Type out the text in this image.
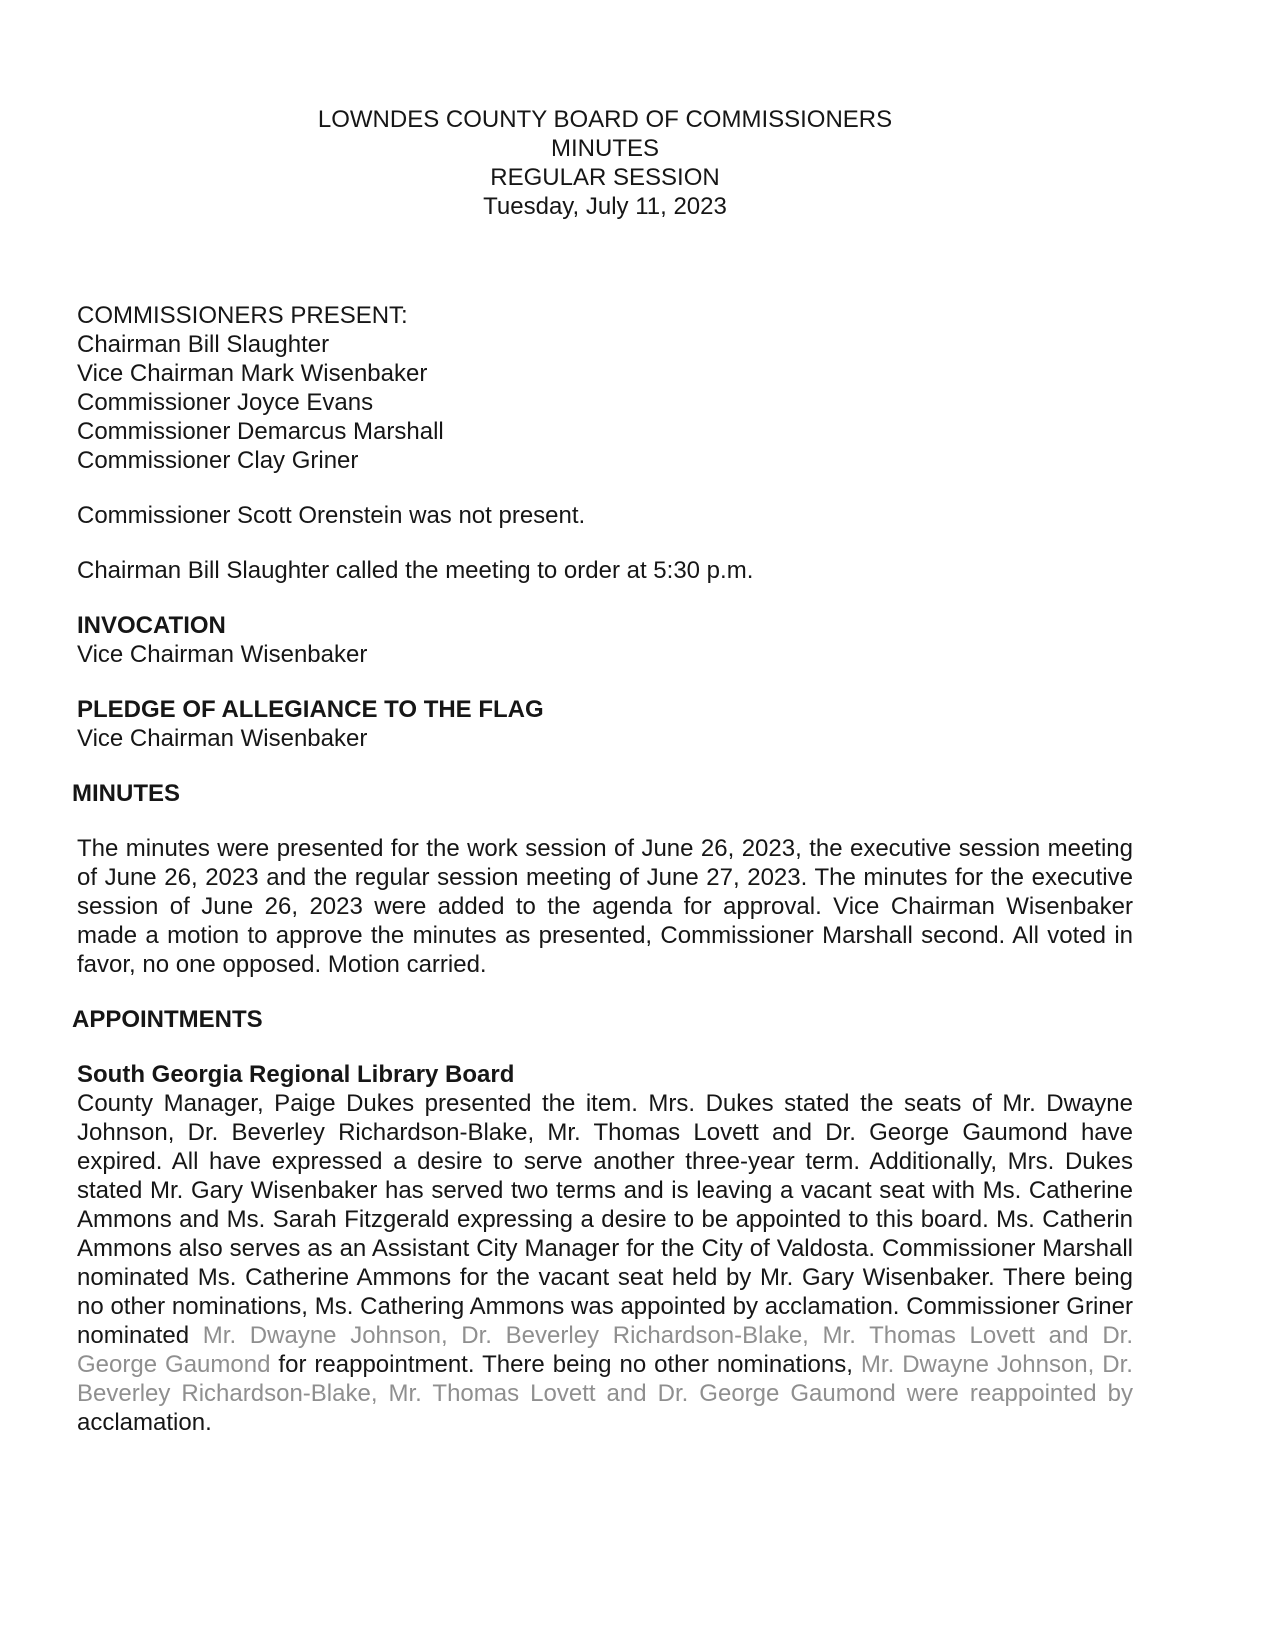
LOWNDES COUNTY BOARD OF COMMISSIONERS
MINUTES
REGULAR SESSION
Tuesday, July 11, 2023
COMMISSIONERS PRESENT:
Chairman Bill Slaughter
Vice Chairman Mark Wisenbaker
Commissioner Joyce Evans
Commissioner Demarcus Marshall
Commissioner Clay Griner

Commissioner Scott Orenstein was not present.

Chairman Bill Slaughter called the meeting to order at 5:30 p.m.

INVOCATION
Vice Chairman Wisenbaker
PLEDGE OF ALLEGIANCE TO THE FLAG
Vice Chairman Wisenbaker
MINUTES

The minutes were presented for the work session of June 26, 2023, the executive session meeting of June 26, 2023 and the regular session meeting of June 27, 2023. The minutes for the executive session of June 26, 2023 were added to the agenda for approval. Vice Chairman Wisenbaker made a motion to approve the minutes as presented, Commissioner Marshall second. All voted in favor, no one opposed. Motion carried.

APPOINTMENTS
South Georgia Regional Library Board

County Manager, Paige Dukes presented the item. Mrs. Dukes stated the seats of Mr. Dwayne Johnson, Dr. Beverley Richardson-Blake, Mr. Thomas Lovett and Dr. George Gaumond have expired. All have expressed a desire to serve another three-year term. Additionally, Mrs. Dukes stated Mr. Gary Wisenbaker has served two terms and is leaving a vacant seat with Ms. Catherine Ammons and Ms. Sarah Fitzgerald expressing a desire to be appointed to this board. Ms. Catherin Ammons also serves as an Assistant City Manager for the City of Valdosta. Commissioner Marshall nominated Ms. Catherine Ammons for the vacant seat held by Mr. Gary Wisenbaker. There being no other nominations, Ms. Cathering Ammons was appointed by acclamation. Commissioner Griner nominated Mr. Dwayne Johnson, Dr. Beverley Richardson-Blake, Mr. Thomas Lovett and Dr. George Gaumond for reappointment. There being no other nominations, Mr. Dwayne Johnson, Dr. Beverley Richardson-Blake, Mr. Thomas Lovett and Dr. George Gaumond were reappointed by acclamation.
